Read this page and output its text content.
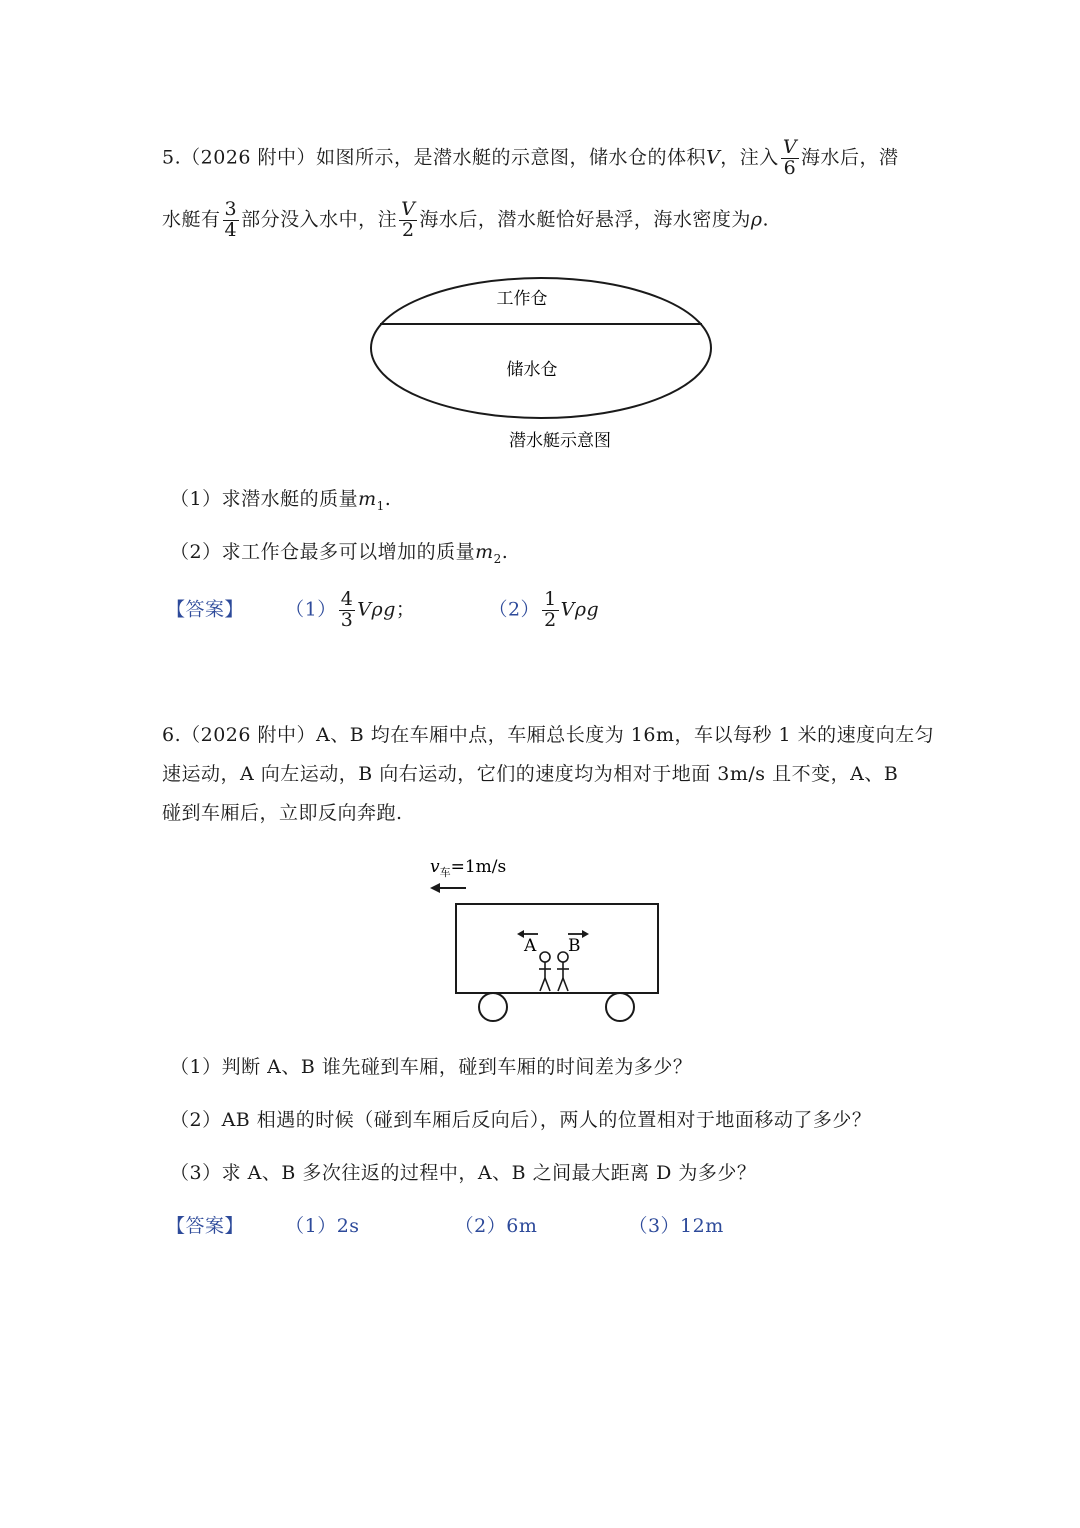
5.（2026 附中）如图所示，是潜水艇的示意图，储水仓的体积V，注入 $\frac{V}{6}$ 海水后，潜
水艇有 $\frac{3}{4}$ 部分没入水中，注 $\frac{V}{2}$ 海水后，潜水艇恰好悬浮，海水密度为ρ.
工作仓
储水仓
潜水艇示意图
（1）求潜水艇的质量$m_1$.
（2）求工作仓最多可以增加的质量$m_2$.
【答案】 $(1) \frac{4}{3}$ Vρg；	$(2) \frac{1}{2}$ Vρg
6.（2026 附中）A、B 均在车厢中点，车厢总长度为 16m，车以每秒 1 米的速度向左匀
速运动，A 向左运动，B 向右运动，它们的速度均为相对于地面 3m/s 且不变，A、B
碰到车厢后，立即反向奔跑.
$v_车=1m/s$
A B
（1）判断 A、B 谁先碰到车厢，碰到车厢的时间差为多少？
（2）AB 相遇的时候（碰到车厢后反向后），两人的位置相对于地面移动了多少？
（3）求 A、B 多次往返的过程中，A、B 之间最大距离 D 为多少？
【答案】 （1）2s	（2）6m	（3）12m
